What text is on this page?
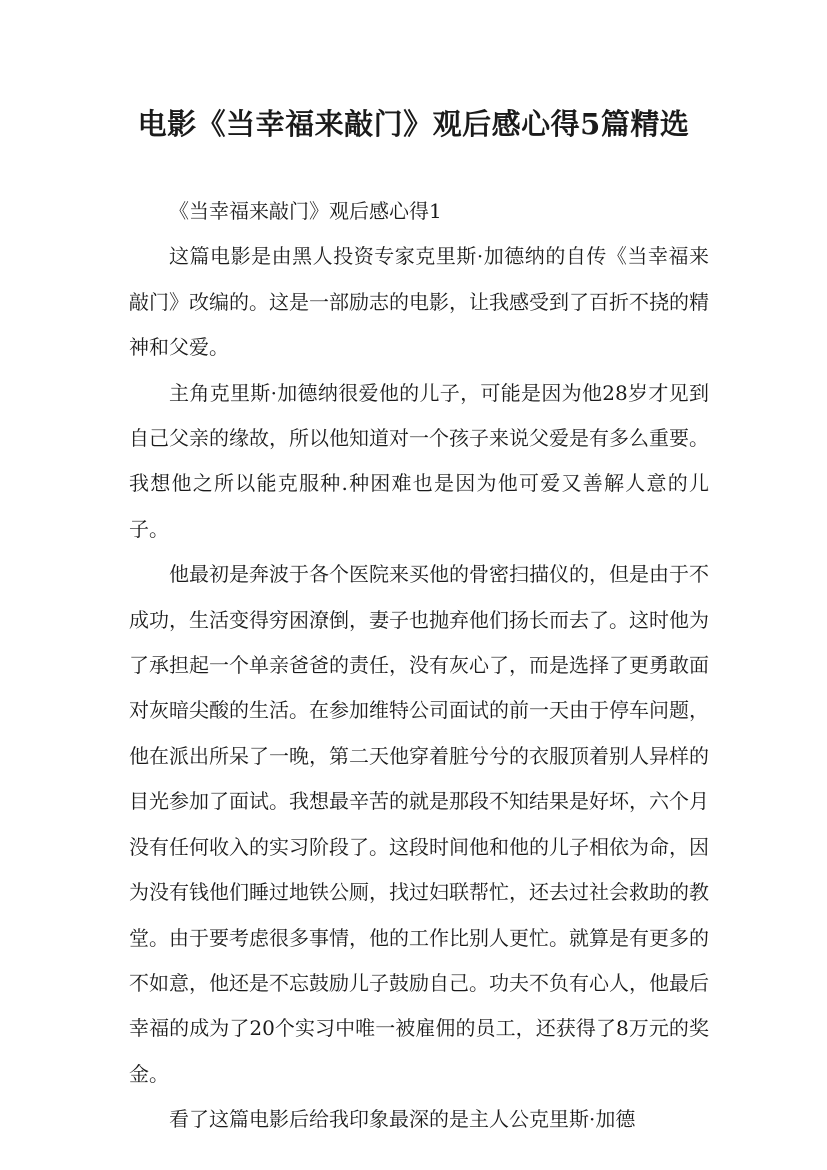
电影《当幸福来敲门》观后感心得5篇精选

《当幸福来敲门》观后感心得1

这篇电影是由黑人投资专家克里斯·加德纳的自传《当幸福来敲门》改编的。这是一部励志的电影，让我感受到了百折不挠的精神和父爱。

主角克里斯·加德纳很爱他的儿子，可能是因为他28岁才见到自己父亲的缘故，所以他知道对一个孩子来说父爱是有多么重要。我想他之所以能克服种.种困难也是因为他可爱又善解人意的儿子。

他最初是奔波于各个医院来买他的骨密扫描仪的，但是由于不成功，生活变得穷困潦倒，妻子也抛弃他们扬长而去了。这时他为了承担起一个单亲爸爸的责任，没有灰心了，而是选择了更勇敢面对灰暗尖酸的生活。在参加维特公司面试的前一天由于停车问题，他在派出所呆了一晚，第二天他穿着脏兮兮的衣服顶着别人异样的目光参加了面试。我想最辛苦的就是那段不知结果是好坏，六个月没有任何收入的实习阶段了。这段时间他和他的儿子相依为命，因为没有钱他们睡过地铁公厕，找过妇联帮忙，还去过社会救助的教堂。由于要考虑很多事情，他的工作比别人更忙。就算是有更多的不如意，他还是不忘鼓励儿子鼓励自己。功夫不负有心人，他最后幸福的成为了20个实习中唯一被雇佣的员工，还获得了8万元的奖金。

看了这篇电影后给我印象最深的是主人公克里斯·加德
